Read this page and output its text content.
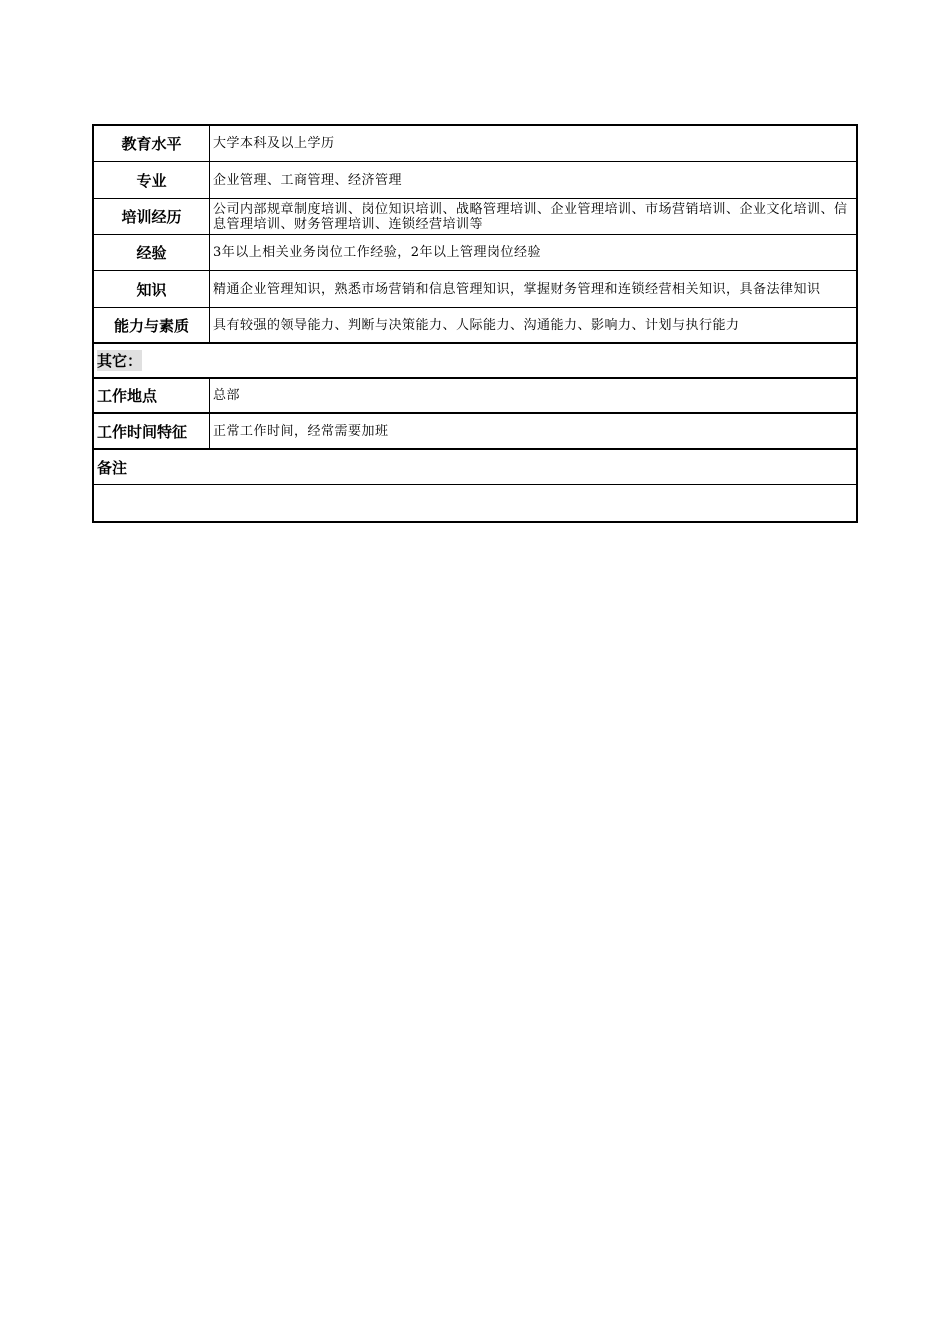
教育水平	大学本科及以上学历
专业	企业管理、工商管理、经济管理
培训经历	公司内部规章制度培训、岗位知识培训、战略管理培训、企业管理培训、市场营销培训、企业文化培训、信息管理培训、财务管理培训、连锁经营培训等
经验	3年以上相关业务岗位工作经验，2年以上管理岗位经验
知识	精通企业管理知识，熟悉市场营销和信息管理知识，掌握财务管理和连锁经营相关知识，具备法律知识
能力与素质	具有较强的领导能力、判断与决策能力、人际能力、沟通能力、影响力、计划与执行能力
其它：
工作地点	总部
工作时间特征	正常工作时间，经常需要加班
备注
